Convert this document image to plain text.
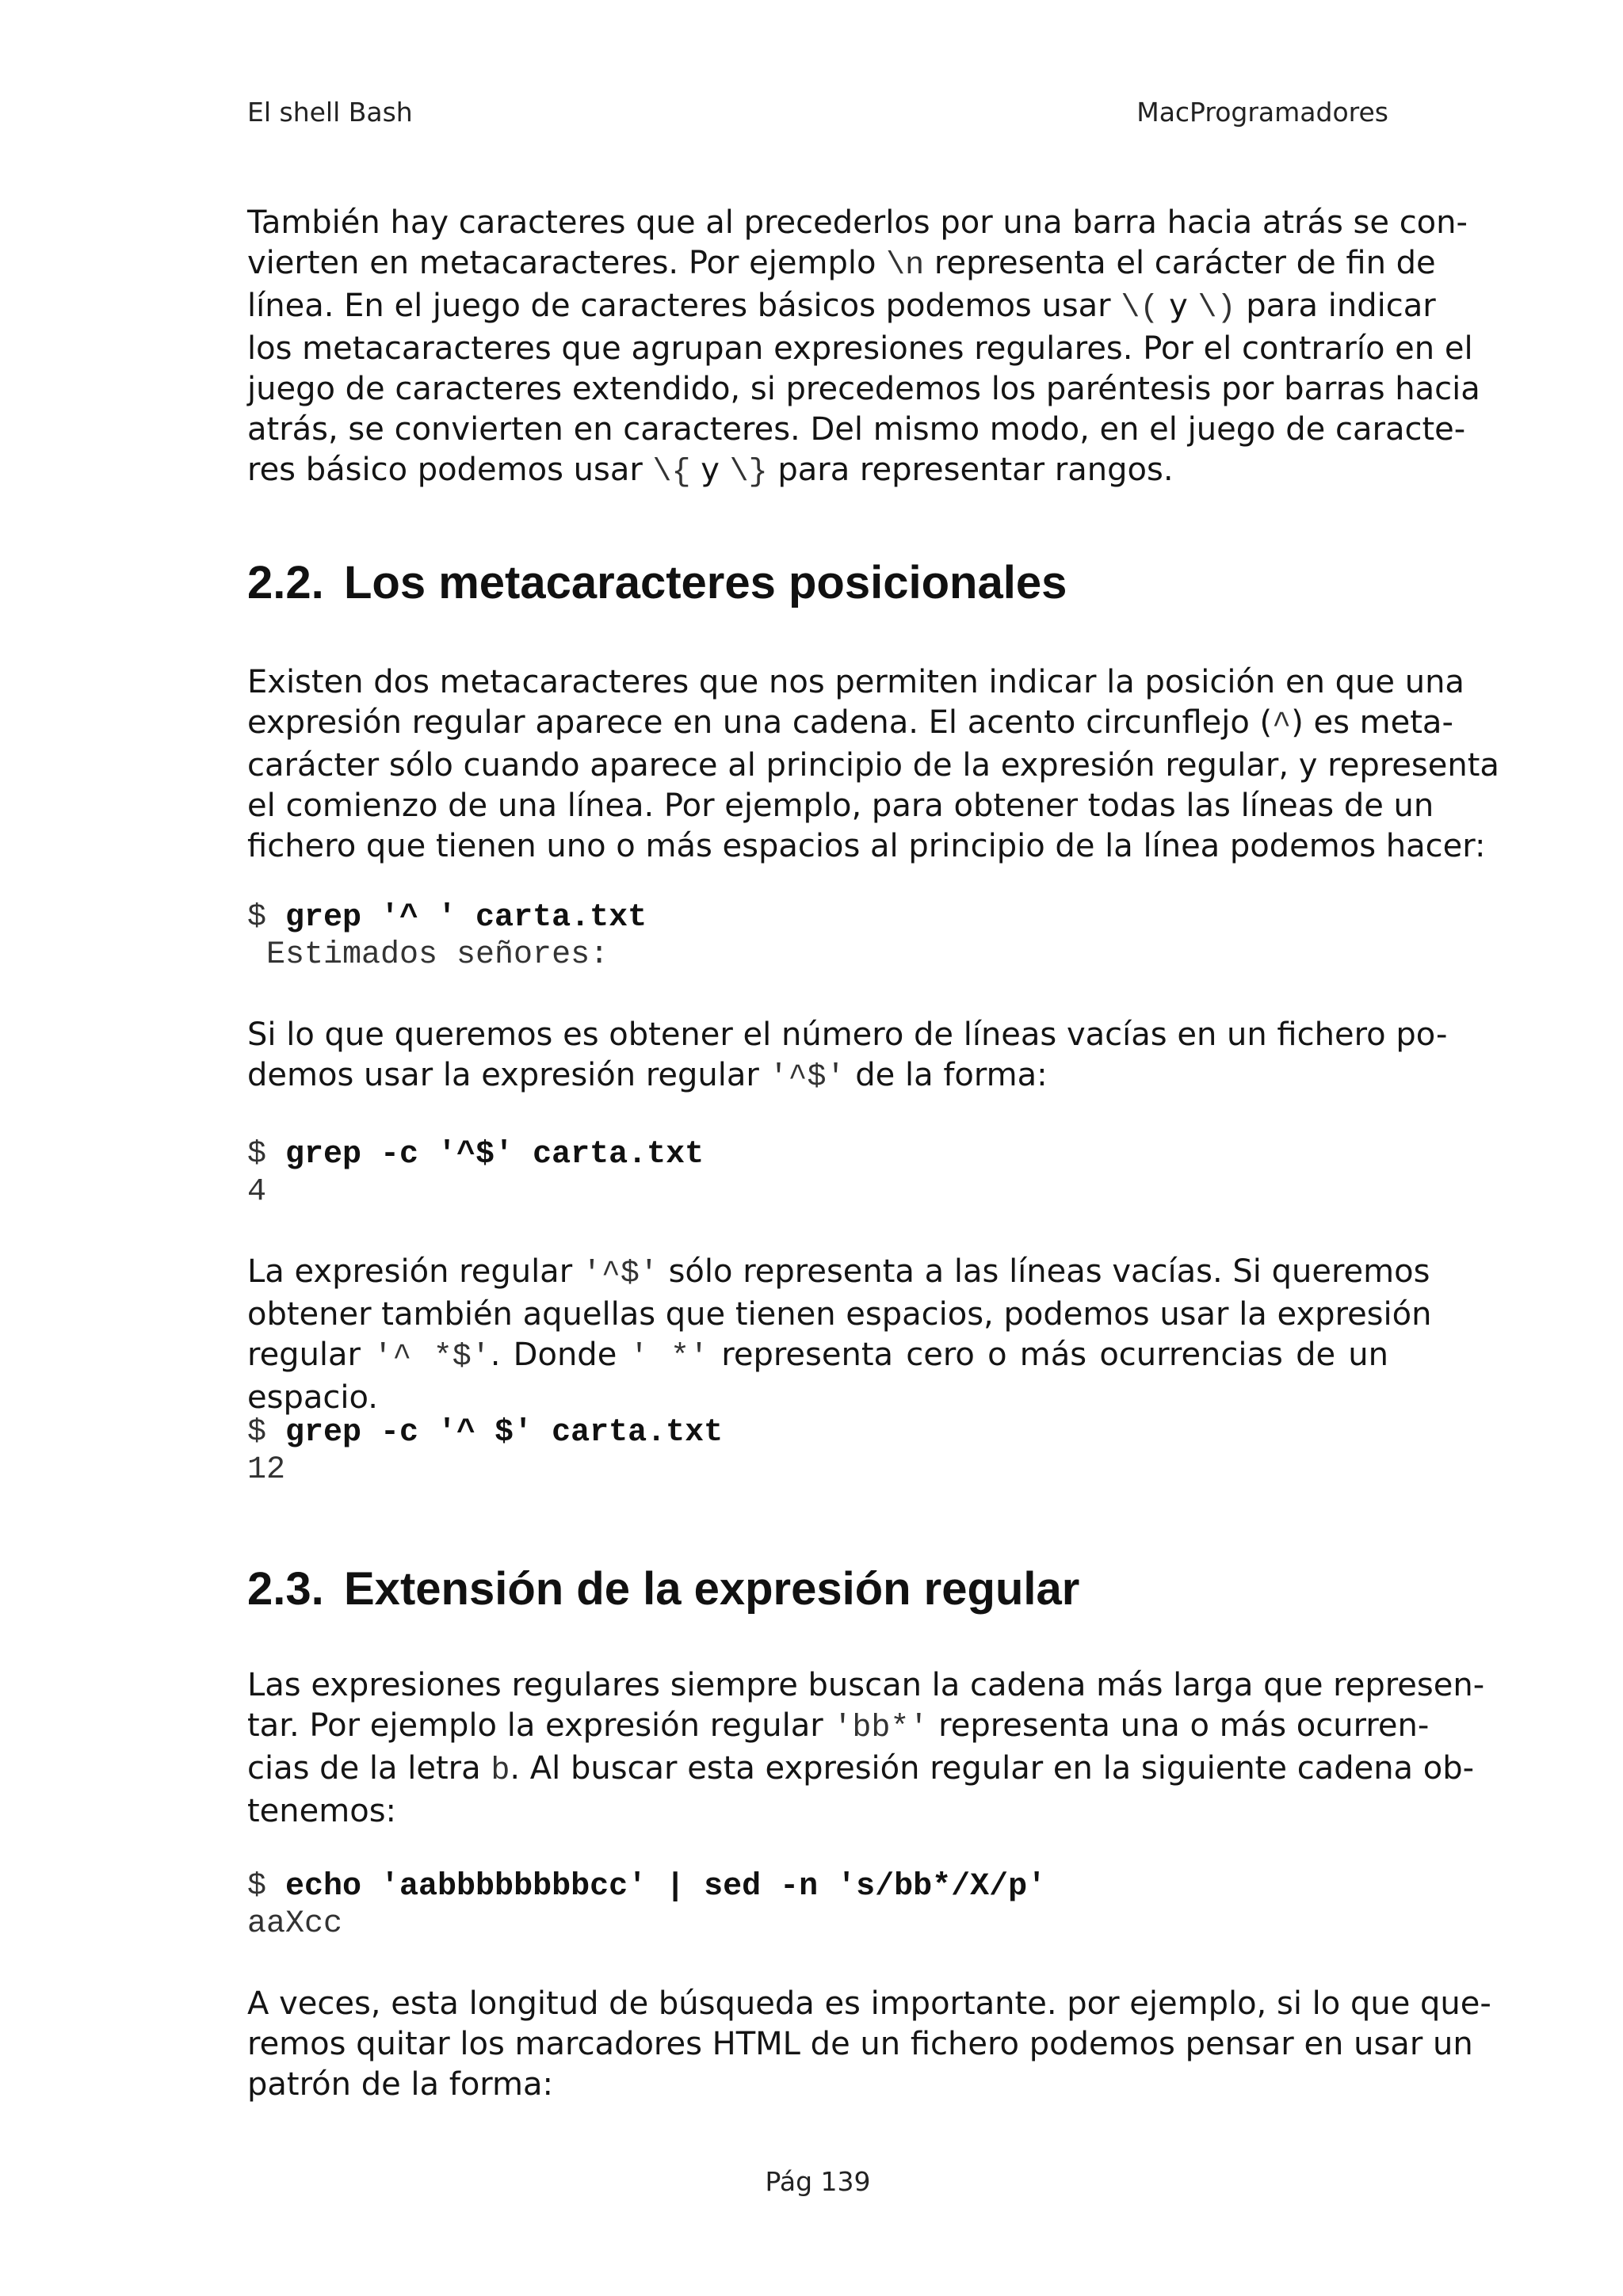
El shell Bash	MacProgramadores
También hay caracteres que al precederlos por una barra hacia atrás se con-
vierten en metacaracteres. Por ejemplo \n representa el carácter de fin de
línea. En el juego de caracteres básicos podemos usar \( y \) para indicar
los metacaracteres que agrupan expresiones regulares. Por el contrarío en el
juego de caracteres extendido, si precedemos los paréntesis por barras hacia
atrás, se convierten en caracteres. Del mismo modo, en el juego de caracte-
res básico podemos usar \{ y \} para representar rangos.
2.2. Los metacaracteres posicionales
Existen dos metacaracteres que nos permiten indicar la posición en que una
expresión regular aparece en una cadena. El acento circunflejo (^) es meta-
carácter sólo cuando aparece al principio de la expresión regular, y representa
el comienzo de una línea. Por ejemplo, para obtener todas las líneas de un
fichero que tienen uno o más espacios al principio de la línea podemos hacer:
$ grep '^ ' carta.txt
Estimados señores:
Si lo que queremos es obtener el número de líneas vacías en un fichero po-
demos usar la expresión regular '^$' de la forma:
$ grep -c '^$' carta.txt
4
La expresión regular '^$' sólo representa a las líneas vacías. Si queremos
obtener también aquellas que tienen espacios, podemos usar la expresión
regular '^ *$'. Donde ' *' representa cero o más ocurrencias de un
espacio.
$ grep -c '^ $' carta.txt
12
2.3. Extensión de la expresión regular
Las expresiones regulares siempre buscan la cadena más larga que represen-
tar. Por ejemplo la expresión regular 'bb*' representa una o más ocurren-
cias de la letra b. Al buscar esta expresión regular en la siguiente cadena ob-
tenemos:
$ echo 'aabbbbbbbbcc' | sed -n 's/bb*/X/p'
aaXcc
A veces, esta longitud de búsqueda es importante. por ejemplo, si lo que que-
remos quitar los marcadores HTML de un fichero podemos pensar en usar un
patrón de la forma:
Pág 139
